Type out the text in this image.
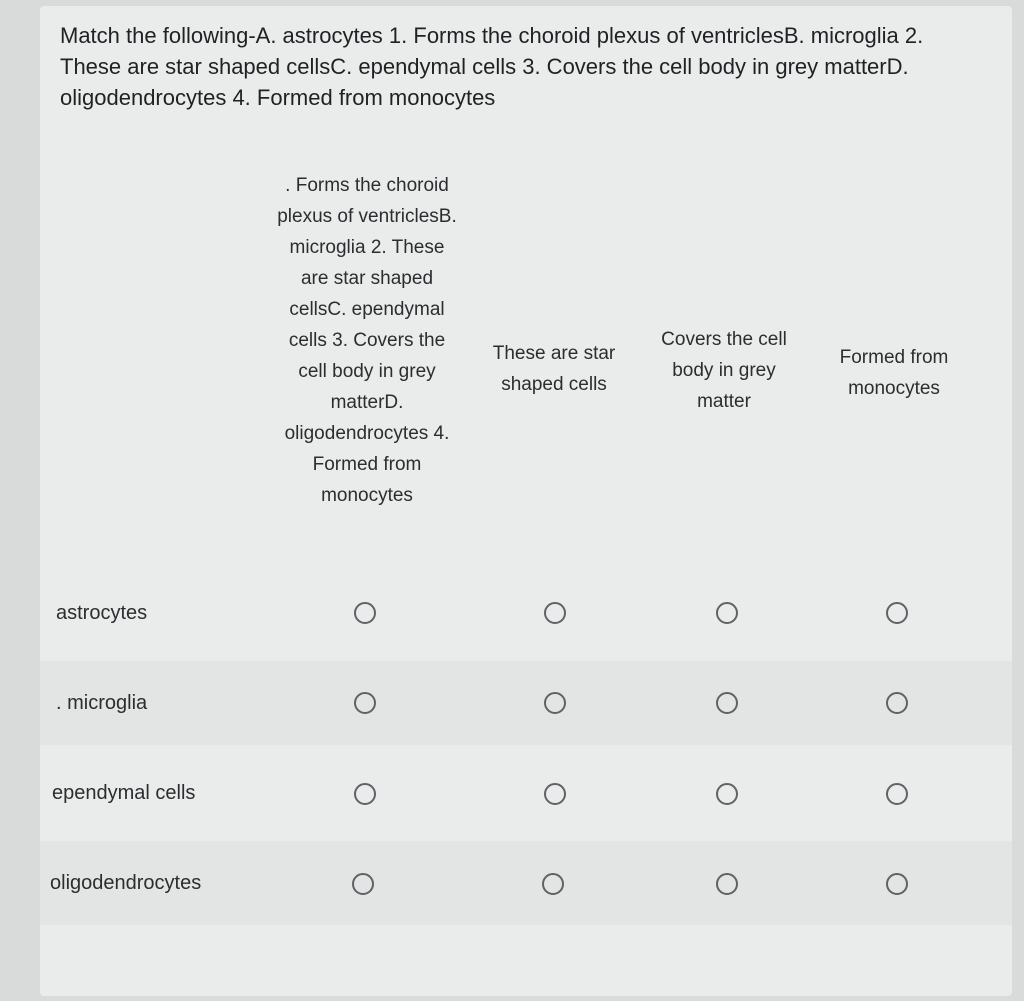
Match the following-A. astrocytes 1. Forms the choroid plexus of ventriclesB. microglia 2. These are star shaped cellsC. ependymal cells 3. Covers the cell body in grey matterD. oligodendrocytes 4. Formed from monocytes
. Forms the choroid plexus of ventriclesB. microglia 2. These are star shaped cellsC. ependymal cells 3. Covers the cell body in grey matterD. oligodendrocytes 4. Formed from monocytes
These are star shaped cells
Covers the cell body in grey matter
Formed from monocytes
astrocytes
. microglia
ependymal cells
oligodendrocytes
